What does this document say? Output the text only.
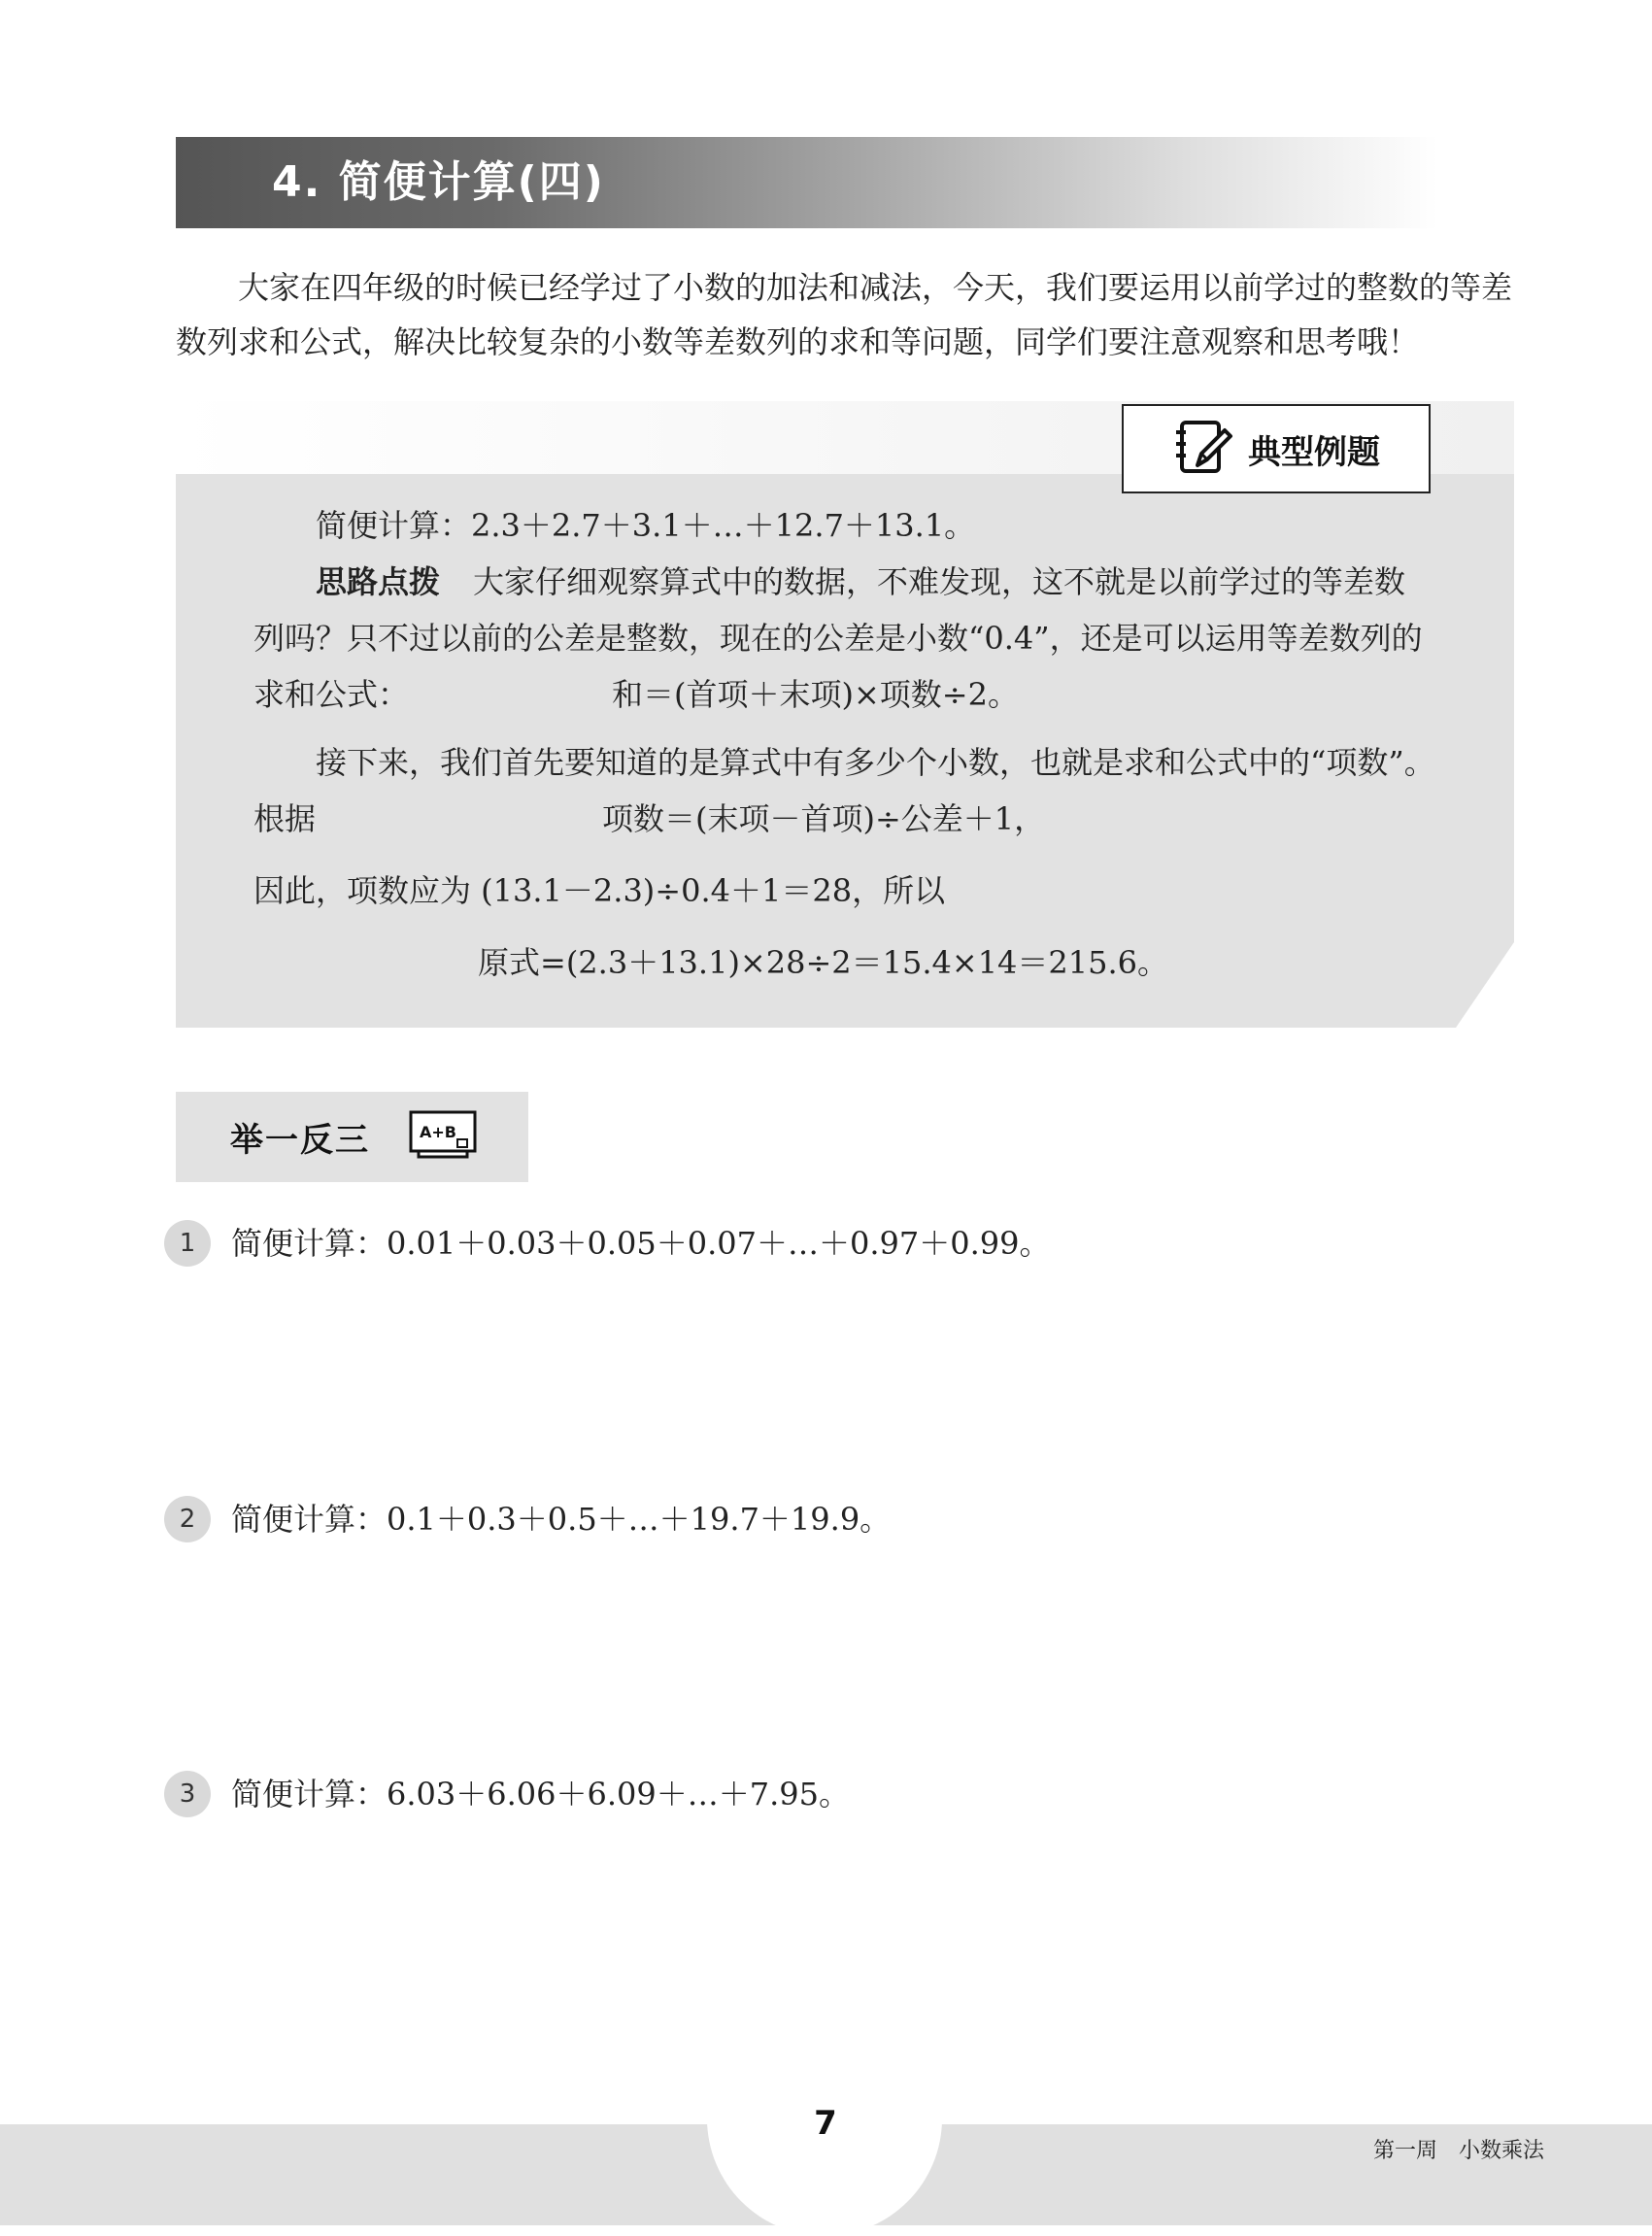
4. 简便计算(四)
大家在四年级的时候已经学过了小数的加法和减法，今天，我们要运用以前学过的整数的等差数列求和公式，解决比较复杂的小数等差数列的求和等问题，同学们要注意观察和思考哦！
典型例题
简便计算：2.3＋2.7＋3.1＋…＋12.7＋13.1。
思路点拨 大家仔细观察算式中的数据，不难发现，这不就是以前学过的等差数
列吗？只不过以前的公差是整数，现在的公差是小数“0.4”，还是可以运用等差数列的
求和公式：	和＝(首项＋末项)×项数÷2。
接下来，我们首先要知道的是算式中有多少个小数，也就是求和公式中的“项数”。
根据	项数＝(末项－首项)÷公差＋1，
因此，项数应为 (13.1－2.3)÷0.4＋1＝28，所以
原式=(2.3＋13.1)×28÷2＝15.4×14＝215.6。
举一反三	A+B
1	简便计算：0.01＋0.03＋0.05＋0.07＋…＋0.97＋0.99。
2	简便计算：0.1＋0.3＋0.5＋…＋19.7＋19.9。
3	简便计算：6.03＋6.06＋6.09＋…＋7.95。
7
第一周　小数乘法
